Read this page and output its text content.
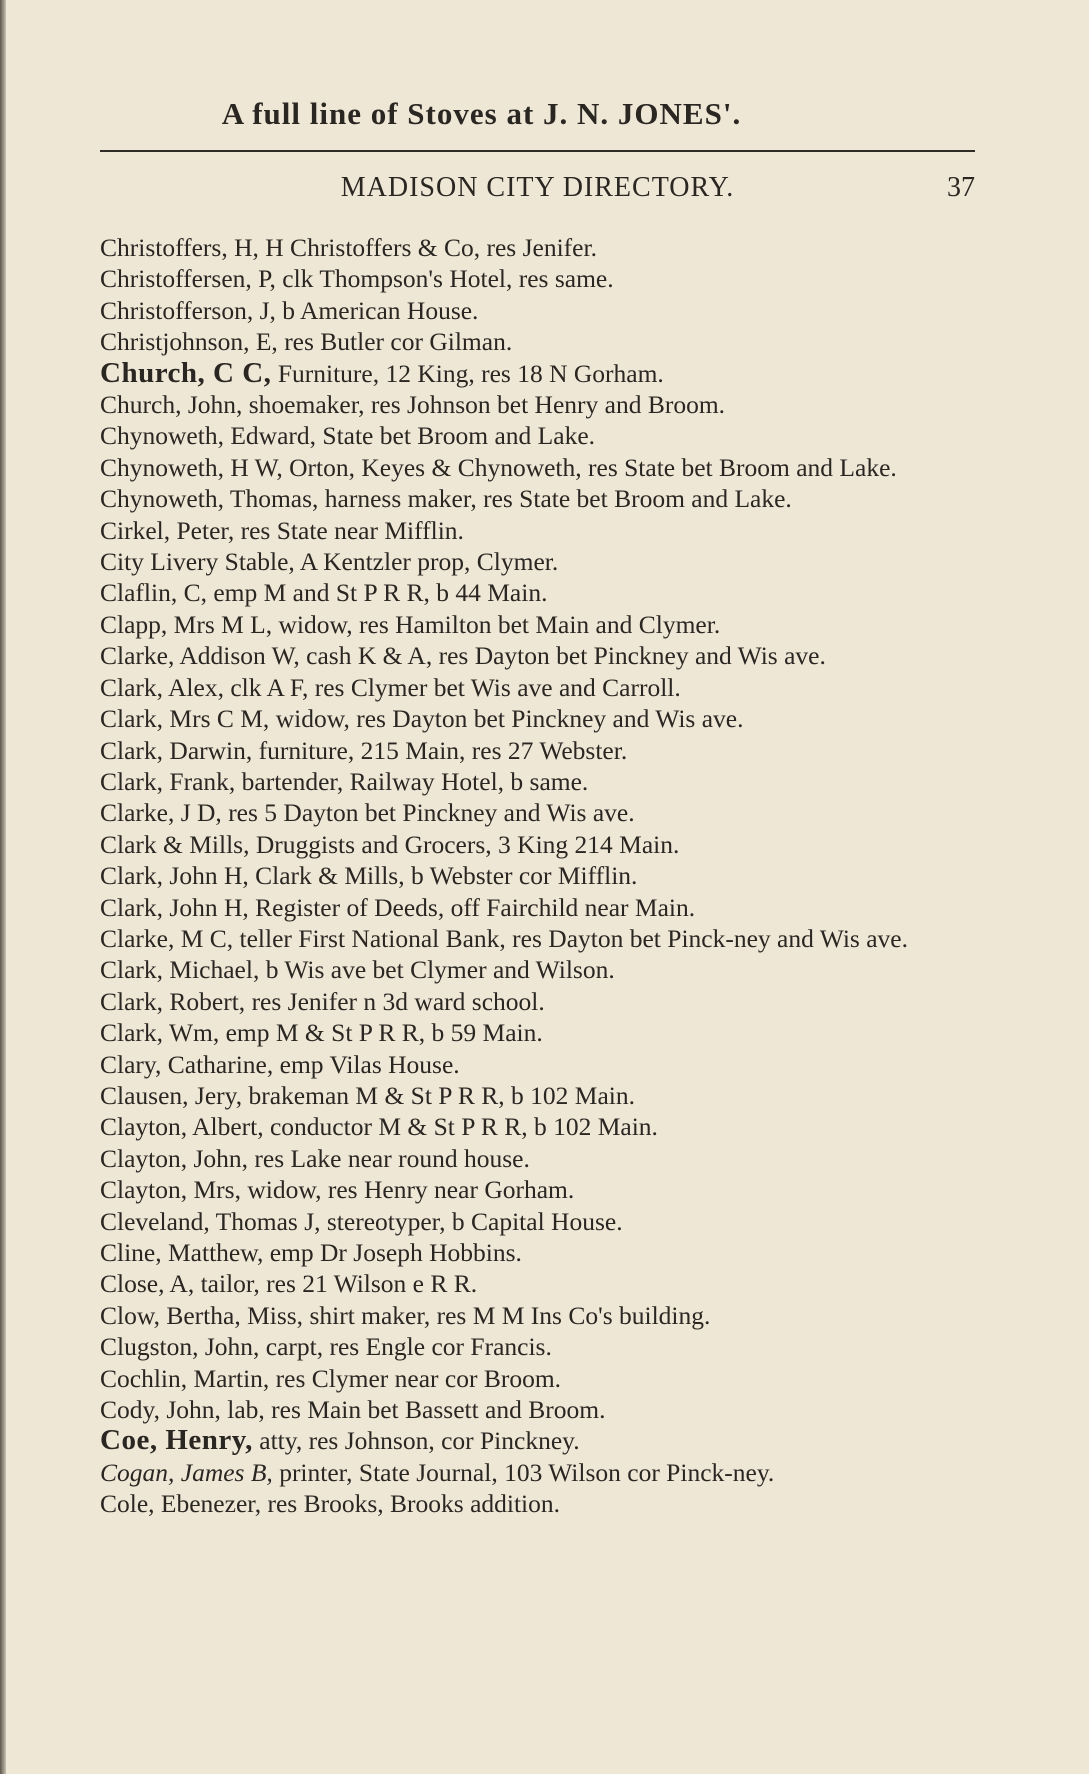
A full line of Stoves at J. N. JONES'.
MADISON CITY DIRECTORY.	37
Christoffers, H, H Christoffers & Co, res Jenifer.
Christoffersen, P, clk Thompson's Hotel, res same.
Christofferson, J, b American House.
Christjohnson, E, res Butler cor Gilman.
Church, C C, Furniture, 12 King, res 18 N Gorham.
Church, John, shoemaker, res Johnson bet Henry and Broom.
Chynoweth, Edward, State bet Broom and Lake.
Chynoweth, H W, Orton, Keyes & Chynoweth, res State bet Broom and Lake.
Chynoweth, Thomas, harness maker, res State bet Broom and Lake.
Cirkel, Peter, res State near Mifflin.
City Livery Stable, A Kentzler prop, Clymer.
Claflin, C, emp M and St P R R, b 44 Main.
Clapp, Mrs M L, widow, res Hamilton bet Main and Clymer.
Clarke, Addison W, cash K & A, res Dayton bet Pinckney and Wis ave.
Clark, Alex, clk A F, res Clymer bet Wis ave and Carroll.
Clark, Mrs C M, widow, res Dayton bet Pinckney and Wis ave.
Clark, Darwin, furniture, 215 Main, res 27 Webster.
Clark, Frank, bartender, Railway Hotel, b same.
Clarke, J D, res 5 Dayton bet Pinckney and Wis ave.
Clark & Mills, Druggists and Grocers, 3 King 214 Main.
Clark, John H, Clark & Mills, b Webster cor Mifflin.
Clark, John H, Register of Deeds, off Fairchild near Main.
Clarke, M C, teller First National Bank, res Dayton bet Pinck-ney and Wis ave.
Clark, Michael, b Wis ave bet Clymer and Wilson.
Clark, Robert, res Jenifer n 3d ward school.
Clark, Wm, emp M & St P R R, b 59 Main.
Clary, Catharine, emp Vilas House.
Clausen, Jery, brakeman M & St P R R, b 102 Main.
Clayton, Albert, conductor M & St P R R, b 102 Main.
Clayton, John, res Lake near round house.
Clayton, Mrs, widow, res Henry near Gorham.
Cleveland, Thomas J, stereotyper, b Capital House.
Cline, Matthew, emp Dr Joseph Hobbins.
Close, A, tailor, res 21 Wilson e R R.
Clow, Bertha, Miss, shirt maker, res M M Ins Co's building.
Clugston, John, carpt, res Engle cor Francis.
Cochlin, Martin, res Clymer near cor Broom.
Cody, John, lab, res Main bet Bassett and Broom.
Coe, Henry, atty, res Johnson, cor Pinckney.
Cogan, James B, printer, State Journal, 103 Wilson cor Pinck-ney.
Cole, Ebenezer, res Brooks, Brooks addition.
